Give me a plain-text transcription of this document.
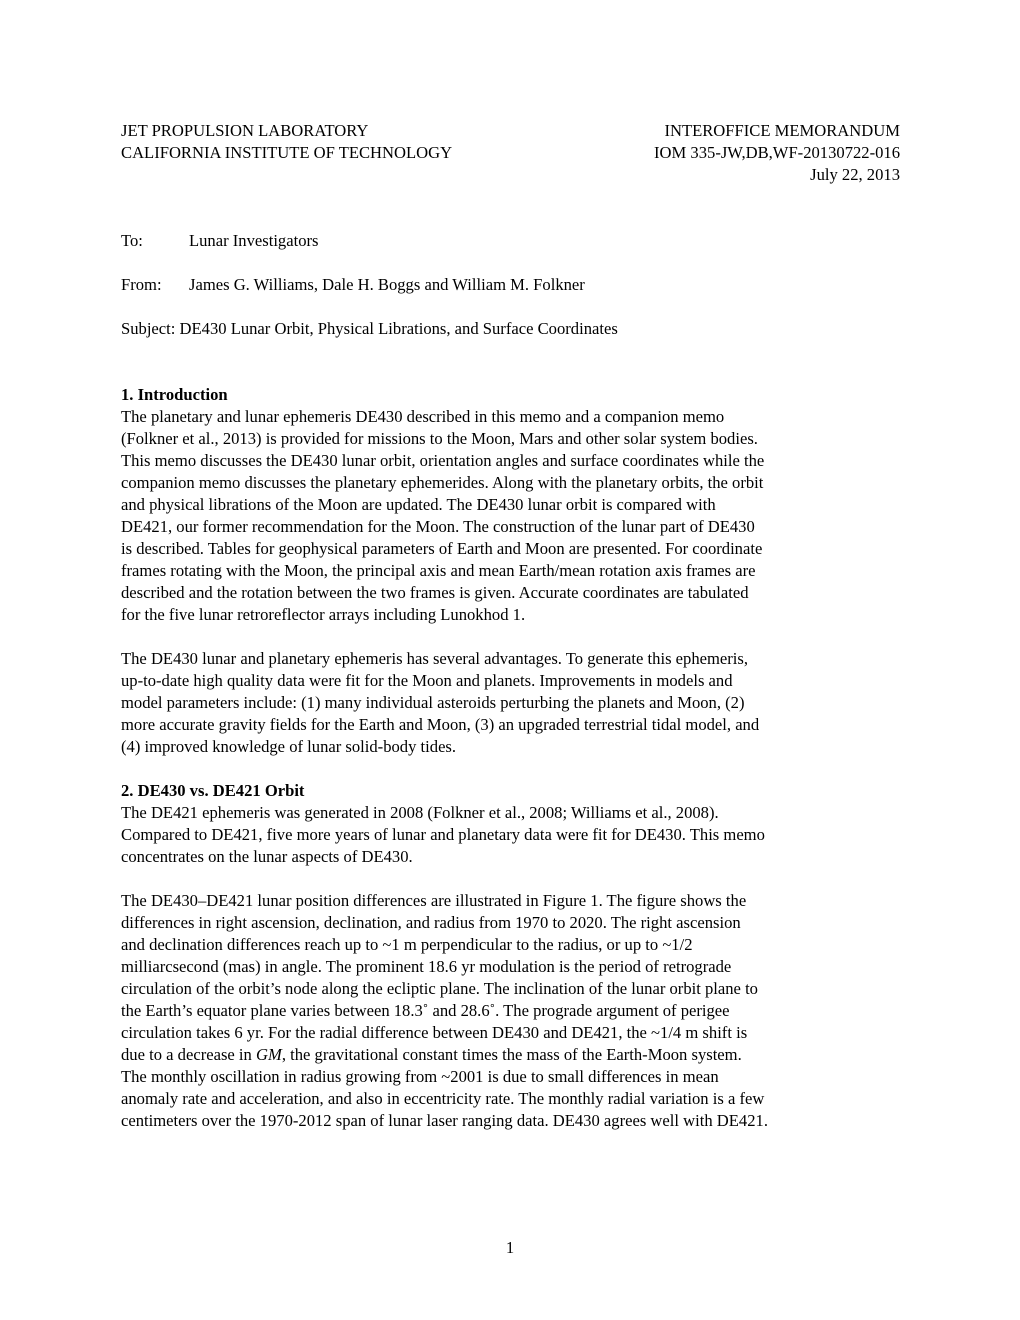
JET PROPULSION LABORATORY	INTEROFFICE MEMORANDUM
CALIFORNIA INSTITUTE OF TECHNOLOGY	IOM 335-JW,DB,WF-20130722-016
July 22, 2013
To:	Lunar Investigators
From: James G. Williams, Dale H. Boggs and William M. Folkner
Subject: DE430 Lunar Orbit, Physical Librations, and Surface Coordinates
1. Introduction
The planetary and lunar ephemeris DE430 described in this memo and a companion memo
(Folkner et al., 2013) is provided for missions to the Moon, Mars and other solar system bodies.
This memo discusses the DE430 lunar orbit, orientation angles and surface coordinates while the
companion memo discusses the planetary ephemerides. Along with the planetary orbits, the orbit
and physical librations of the Moon are updated. The DE430 lunar orbit is compared with
DE421, our former recommendation for the Moon. The construction of the lunar part of DE430
is described. Tables for geophysical parameters of Earth and Moon are presented. For coordinate
frames rotating with the Moon, the principal axis and mean Earth/mean rotation axis frames are
described and the rotation between the two frames is given. Accurate coordinates are tabulated
for the five lunar retroreflector arrays including Lunokhod 1.
The DE430 lunar and planetary ephemeris has several advantages. To generate this ephemeris,
up-to-date high quality data were fit for the Moon and planets. Improvements in models and
model parameters include: (1) many individual asteroids perturbing the planets and Moon, (2)
more accurate gravity fields for the Earth and Moon, (3) an upgraded terrestrial tidal model, and
(4) improved knowledge of lunar solid-body tides.
2. DE430 vs. DE421 Orbit
The DE421 ephemeris was generated in 2008 (Folkner et al., 2008; Williams et al., 2008).
Compared to DE421, five more years of lunar and planetary data were fit for DE430. This memo
concentrates on the lunar aspects of DE430.
The DE430–DE421 lunar position differences are illustrated in Figure 1. The figure shows the
differences in right ascension, declination, and radius from 1970 to 2020. The right ascension
and declination differences reach up to ~1 m perpendicular to the radius, or up to ~1/2
milliarcsecond (mas) in angle. The prominent 18.6 yr modulation is the period of retrograde
circulation of the orbit’s node along the ecliptic plane. The inclination of the lunar orbit plane to
the Earth’s equator plane varies between 18.3˚ and 28.6˚. The prograde argument of perigee
circulation takes 6 yr. For the radial difference between DE430 and DE421, the ~1/4 m shift is
due to a decrease in GM, the gravitational constant times the mass of the Earth-Moon system.
The monthly oscillation in radius growing from ~2001 is due to small differences in mean
anomaly rate and acceleration, and also in eccentricity rate. The monthly radial variation is a few
centimeters over the 1970-2012 span of lunar laser ranging data. DE430 agrees well with DE421.
1
